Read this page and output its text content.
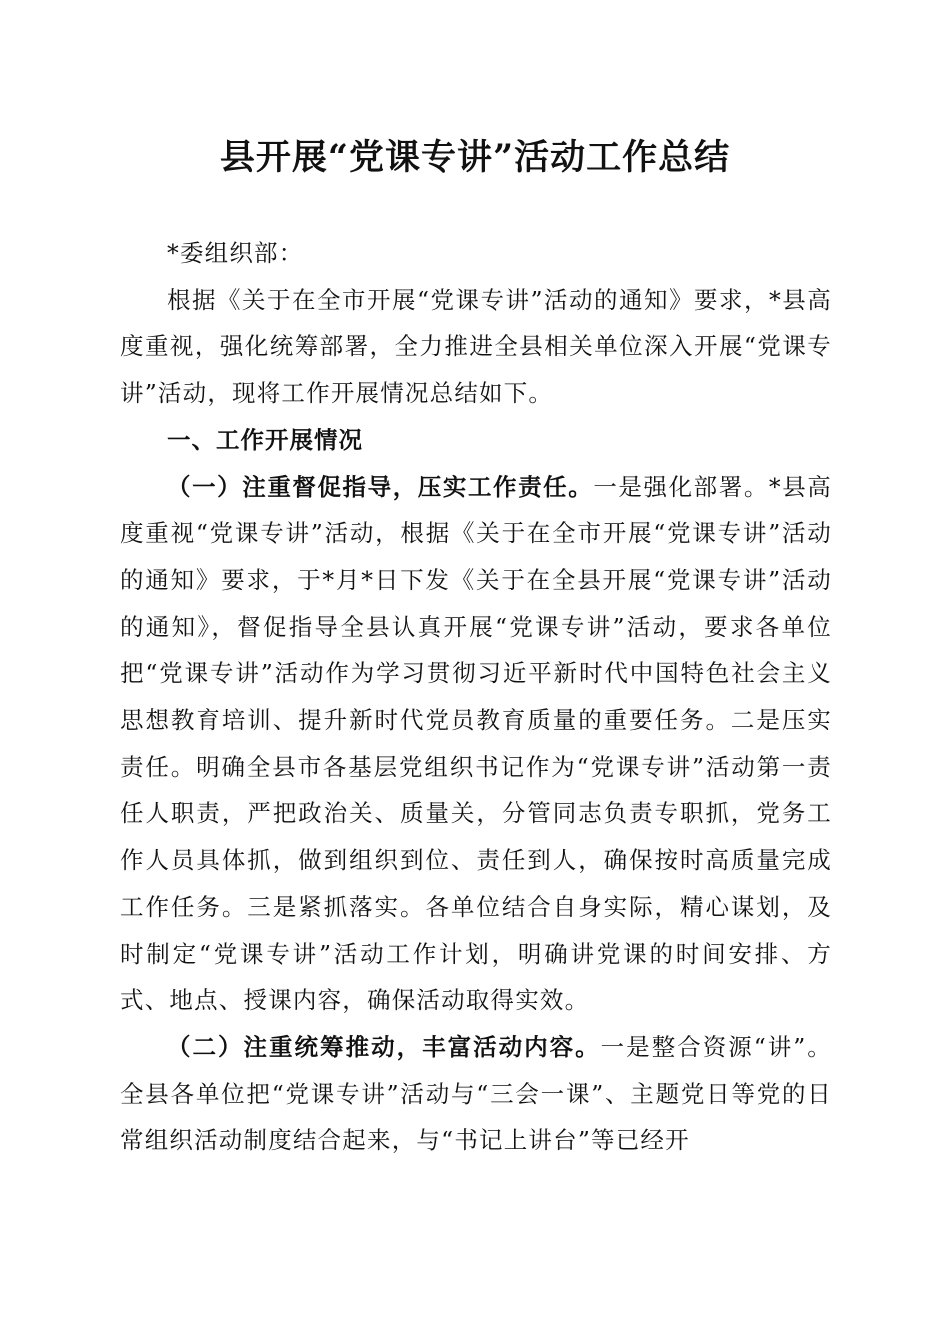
县开展“党课专讲”活动工作总结

*委组织部：

根据《关于在全市开展“党课专讲”活动的通知》要求，*县高度重视，强化统筹部署，全力推进全县相关单位深入开展“党课专讲”活动，现将工作开展情况总结如下。

一、工作开展情况

（一）注重督促指导，压实工作责任。一是强化部署。*县高度重视“党课专讲”活动，根据《关于在全市开展“党课专讲”活动的通知》要求，于*月*日下发《关于在全县开展“党课专讲”活动的通知》，督促指导全县认真开展“党课专讲”活动，要求各单位把“党课专讲”活动作为学习贯彻习近平新时代中国特色社会主义思想教育培训、提升新时代党员教育质量的重要任务。二是压实责任。明确全县市各基层党组织书记作为“党课专讲”活动第一责任人职责，严把政治关、质量关，分管同志负责专职抓，党务工作人员具体抓，做到组织到位、责任到人，确保按时高质量完成工作任务。三是紧抓落实。各单位结合自身实际，精心谋划，及时制定“党课专讲”活动工作计划，明确讲党课的时间安排、方式、地点、授课内容，确保活动取得实效。

（二）注重统筹推动，丰富活动内容。一是整合资源“讲”。全县各单位把“党课专讲”活动与“三会一课”、主题党日等党的日常组织活动制度结合起来，与“书记上讲台”等已经开
